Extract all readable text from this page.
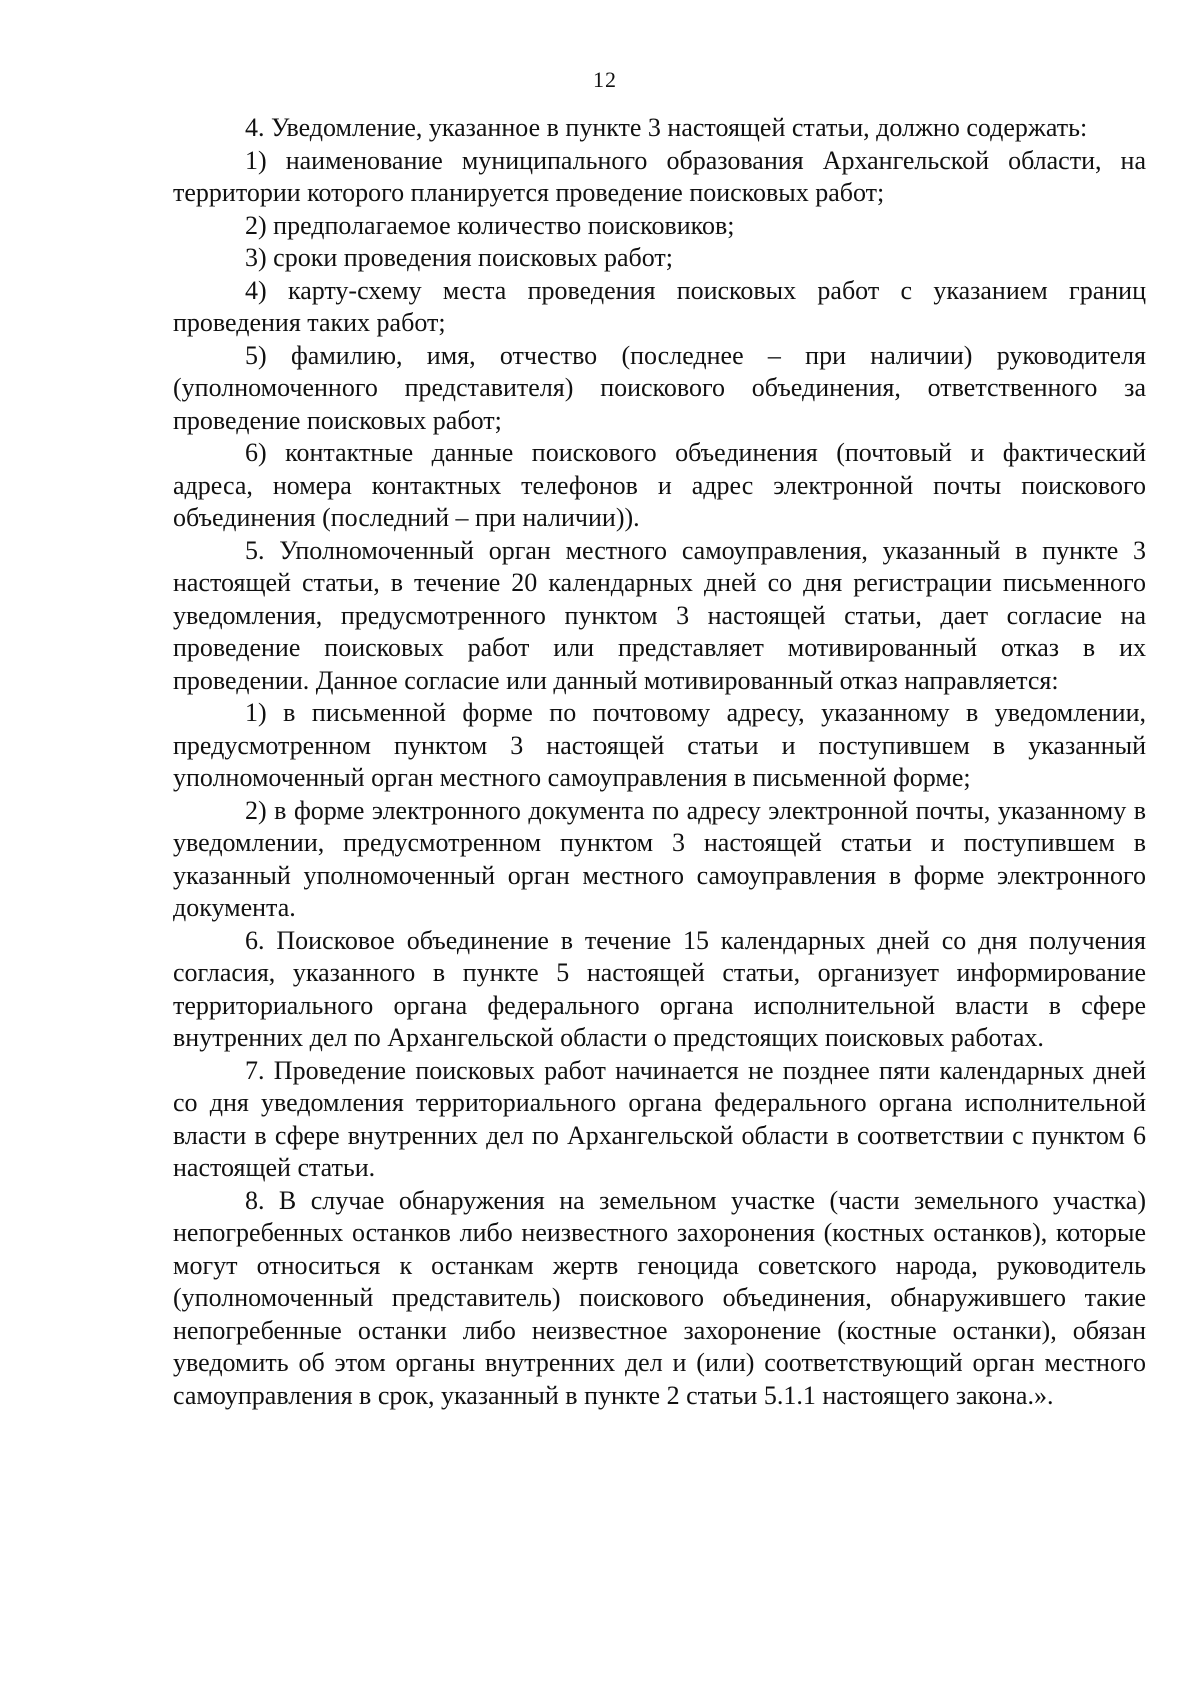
12

4. Уведомление, указанное в пункте 3 настоящей статьи, должно содержать:

1) наименование муниципального образования Архангельской области, на территории которого планируется проведение поисковых работ;

2) предполагаемое количество поисковиков;

3) сроки проведения поисковых работ;

4) карту-схему места проведения поисковых работ с указанием границ проведения таких работ;

5) фамилию, имя, отчество (последнее – при наличии) руководителя (уполномоченного представителя) поискового объединения, ответственного за проведение поисковых работ;

6) контактные данные поискового объединения (почтовый и фактический адреса, номера контактных телефонов и адрес электронной почты поискового объединения (последний – при наличии)).

5. Уполномоченный орган местного самоуправления, указанный в пункте 3 настоящей статьи, в течение 20 календарных дней со дня регистрации письменного уведомления, предусмотренного пунктом 3 настоящей статьи, дает согласие на проведение поисковых работ или представляет мотивированный отказ в их проведении. Данное согласие или данный мотивированный отказ направляется:

1) в письменной форме по почтовому адресу, указанному в уведомлении, предусмотренном пунктом 3 настоящей статьи и поступившем в указанный уполномоченный орган местного самоуправления в письменной форме;

2) в форме электронного документа по адресу электронной почты, указанному в уведомлении, предусмотренном пунктом 3 настоящей статьи и поступившем в указанный уполномоченный орган местного самоуправления в форме электронного документа.

6. Поисковое объединение в течение 15 календарных дней со дня получения согласия, указанного в пункте 5 настоящей статьи, организует информирование территориального органа федерального органа исполнительной власти в сфере внутренних дел по Архангельской области о предстоящих поисковых работах.

7. Проведение поисковых работ начинается не позднее пяти календарных дней со дня уведомления территориального органа федерального органа исполнительной власти в сфере внутренних дел по Архангельской области в соответствии с пунктом 6 настоящей статьи.

8. В случае обнаружения на земельном участке (части земельного участка) непогребенных останков либо неизвестного захоронения (костных останков), которые могут относиться к останкам жертв геноцида советского народа, руководитель (уполномоченный представитель) поискового объединения, обнаружившего такие непогребенные останки либо неизвестное захоронение (костные останки), обязан уведомить об этом органы внутренних дел и (или) соответствующий орган местного самоуправления в срок, указанный в пункте 2 статьи 5.1.1 настоящего закона.».
